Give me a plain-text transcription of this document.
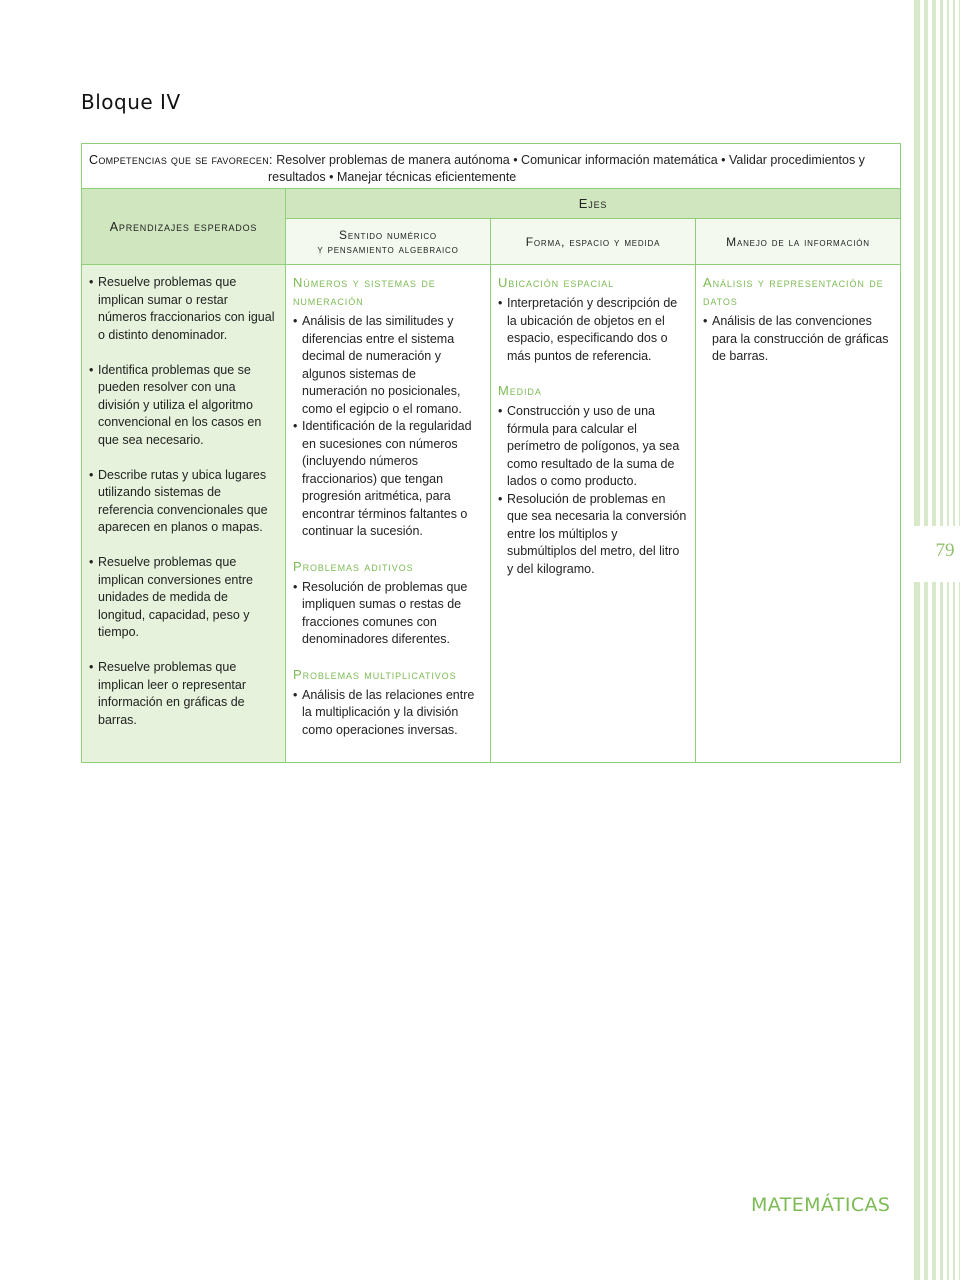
79
Bloque IV
Competencias que se favorecen: Resolver problemas de manera autónoma • Comunicar información matemática • Validar procedimientos y
resultados • Manejar técnicas eficientemente
Aprendizajes esperados
Ejes
Sentido numérico
y pensamiento algebraico	Forma, espacio y medida	Manejo de la información
• Resuelve problemas que implican sumar o restar números fraccionarios con igual o distinto denominador.
• Identifica problemas que se pueden resolver con una división y utiliza el algoritmo convencional en los casos en que sea necesario.
• Describe rutas y ubica lugares utilizando sistemas de referencia convencionales que aparecen en planos o mapas.
• Resuelve problemas que implican conversiones entre unidades de medida de longitud, capacidad, peso y tiempo.
• Resuelve problemas que implican leer o representar información en gráficas de barras.
Números y sistemas de numeración
• Análisis de las similitudes y diferencias entre el sistema decimal de numeración y algunos sistemas de numeración no posicionales, como el egipcio o el romano.
• Identificación de la regularidad en sucesiones con números (incluyendo números fraccionarios) que tengan progresión aritmética, para encontrar términos faltantes o continuar la sucesión.
Problemas aditivos
• Resolución de problemas que impliquen sumas o restas de fracciones comunes con denominadores diferentes.
Problemas multiplicativos
• Análisis de las relaciones entre la multiplicación y la división como operaciones inversas.
Ubicación espacial
• Interpretación y descripción de la ubicación de objetos en el espacio, especificando dos o más puntos de referencia.
Medida
• Construcción y uso de una fórmula para calcular el perímetro de polígonos, ya sea como resultado de la suma de lados o como producto.
• Resolución de problemas en que sea necesaria la conversión entre los múltiplos y submúltiplos del metro, del litro y del kilogramo.
Análisis y representación de datos
• Análisis de las convenciones para la construcción de gráficas de barras.
MATEMÁTICAS
